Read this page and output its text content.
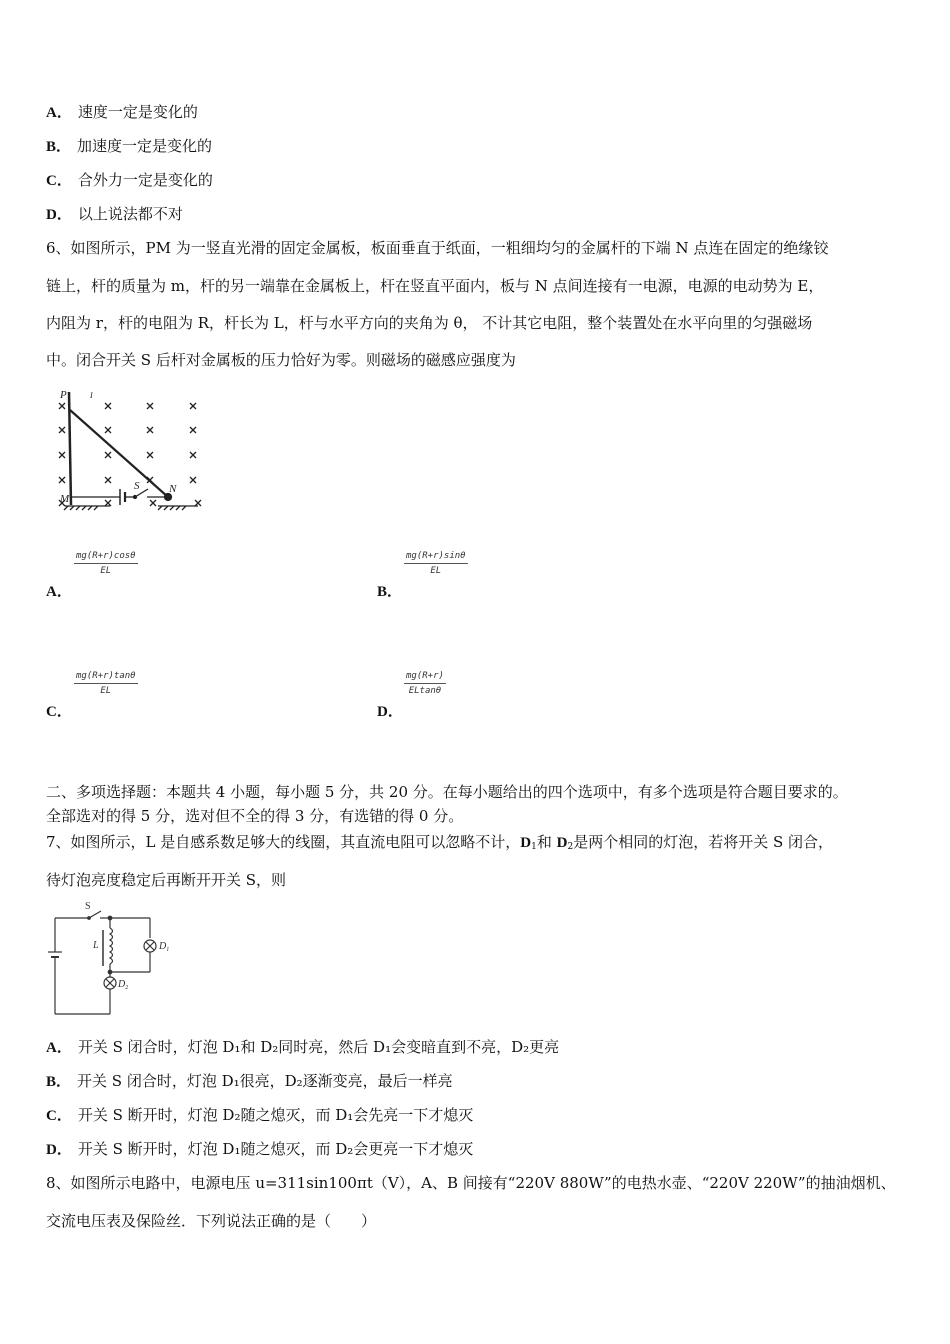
A． 速度一定是变化的
B． 加速度一定是变化的
C． 合外力一定是变化的
D． 以上说法都不对
6、如图所示，PM 为一竖直光滑的固定金属板，板面垂直于纸面，一粗细均匀的金属杆的下端 N 点连在固定的绝缘铰
链上，杆的质量为 m，杆的另一端靠在金属板上，杆在竖直平面内，板与 N 点间连接有一电源，电源的电动势为 E，
内阻为 r，杆的电阻为 R，杆长为 L，杆与水平方向的夹角为 θ， 不计其它电阻，整个装置处在水平向里的匀强磁场
中。闭合开关 S 后杆对金属板的压力恰好为零。则磁场的磁感应强度为
P
M
N
S
I
$\frac{mg(R+r)\cos\theta}{EL}$
A．
$\frac{mg(R+r)\sin\theta}{EL}$
B．
$\frac{mg(R+r)\tan\theta}{EL}$
C．
$\frac{mg(R+r)}{ELtan\theta}$
D．
二、多项选择题：本题共 4 小题，每小题 5 分，共 20 分。在每小题给出的四个选项中，有多个选项是符合题目要求的。
全部选对的得 5 分，选对但不全的得 3 分，有选错的得 0 分。
7、如图所示，L 是自感系数足够大的线圈，其直流电阻可以忽略不计，$D_1$和 $D_2$是两个相同的灯泡，若将开关 S 闭合，
待灯泡亮度稳定后再断开开关 S，则
S
L	$D_1$
$D_2$
A． 开关 S 闭合时，灯泡 D₁和 D₂同时亮，然后 D₁会变暗直到不亮，D₂更亮
B． 开关 S 闭合时，灯泡 D₁很亮，D₂逐渐变亮，最后一样亮
C． 开关 S 断开时，灯泡 D₂随之熄灭，而 D₁会先亮一下才熄灭
D． 开关 S 断开时，灯泡 D₁随之熄灭，而 D₂会更亮一下才熄灭
8、如图所示电路中，电源电压 u=311sin100πt（V），A、B 间接有“220V 880W”的电热水壶、“220V 220W”的抽油烟机、
交流电压表及保险丝．下列说法正确的是（　　）
